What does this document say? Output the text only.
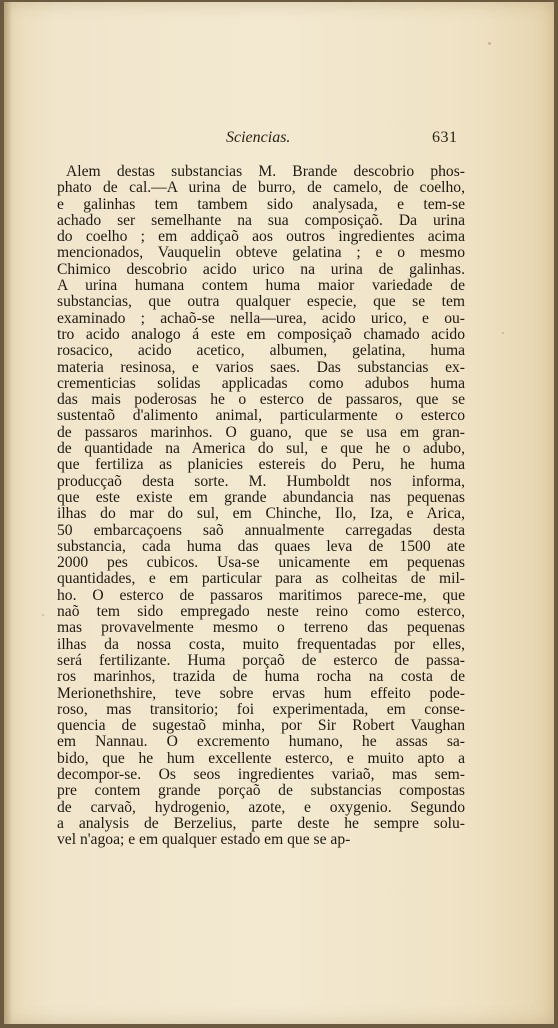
Sciencias.	631
Alem destas substancias M. Brande descobrio phos-
phato de cal.—A urina de burro, de camelo, de coelho,
e galinhas tem tambem sido analysada, e tem-se
achado ser semelhante na sua composiçaõ. Da urina
do coelho ; em addiçaõ aos outros ingredientes acima
mencionados, Vauquelin obteve gelatina ; e o mesmo
Chimico descobrio acido urico na urina de galinhas.
A urina humana contem huma maior variedade de
substancias, que outra qualquer especie, que se tem
examinado ; achaõ-se nella—urea, acido urico, e ou-
tro acido analogo á este em composiçaõ chamado acido
rosacico, acido acetico, albumen, gelatina, huma
materia resinosa, e varios saes. Das substancias ex-
crementicias solidas applicadas como adubos huma
das mais poderosas he o esterco de passaros, que se
sustentaõ d'alimento animal, particularmente o esterco
de passaros marinhos. O guano, que se usa em gran-
de quantidade na America do sul, e que he o adubo,
que fertiliza as planicies estereis do Peru, he huma
producçaõ desta sorte. M. Humboldt nos informa,
que este existe em grande abundancia nas pequenas
ilhas do mar do sul, em Chinche, Ilo, Iza, e Arica,
50 embarcaçoens saõ annualmente carregadas desta
substancia, cada huma das quaes leva de 1500 ate
2000 pes cubicos. Usa-se unicamente em pequenas
quantidades, e em particular para as colheitas de mil-
ho. O esterco de passaros maritimos parece-me, que
naõ tem sido empregado neste reino como esterco,
mas provavelmente mesmo o terreno das pequenas
ilhas da nossa costa, muito frequentadas por elles,
será fertilizante. Huma porçaõ de esterco de passa-
ros marinhos, trazida de huma rocha na costa de
Merionethshire, teve sobre ervas hum effeito pode-
roso, mas transitorio; foi experimentada, em conse-
quencia de sugestaõ minha, por Sir Robert Vaughan
em Nannau. O excremento humano, he assas sa-
bido, que he hum excellente esterco, e muito apto a
decompor-se. Os seos ingredientes variaõ, mas sem-
pre contem grande porçaõ de substancias compostas
de carvaõ, hydrogenio, azote, e oxygenio. Segundo
a analysis de Berzelius, parte deste he sempre solu-
vel n'agoa; e em qualquer estado em que se ap-
